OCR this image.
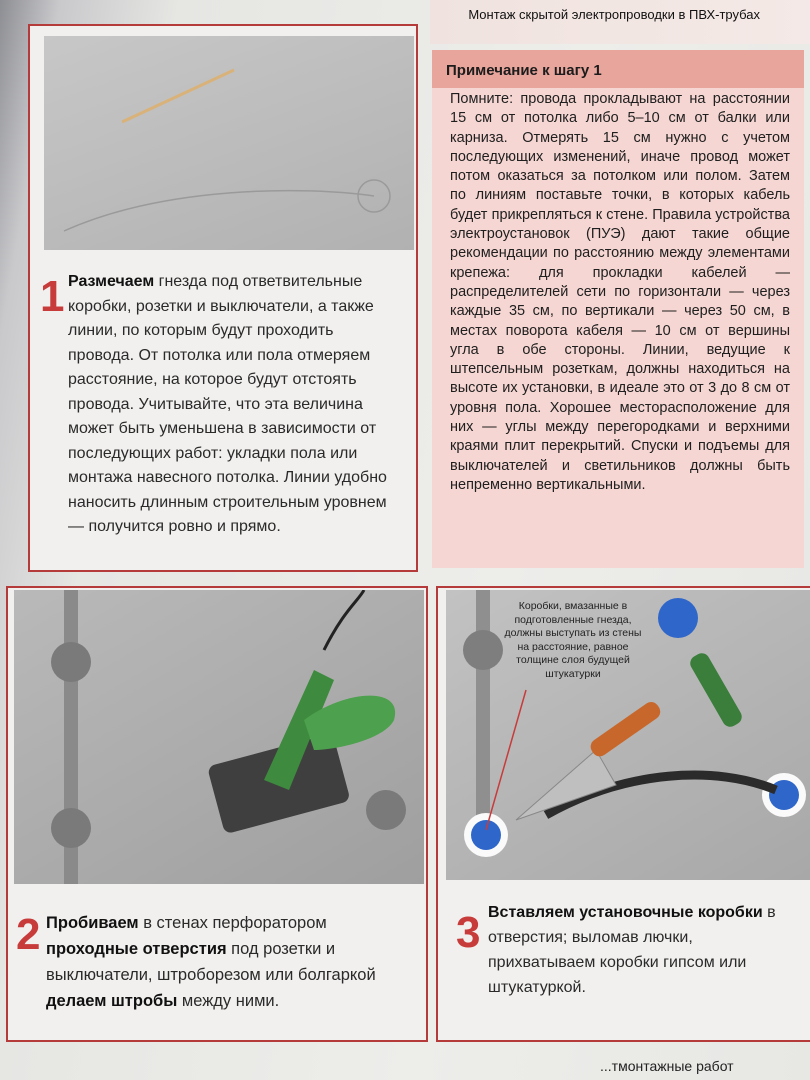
Монтаж скрытой электропроводки в ПВХ-трубах
1 Размечаем гнезда под ответвительные коробки, розетки и выключатели, а также линии, по которым будут проходить провода. От потолка или пола отмеряем расстояние, на которое будут отстоять провода. Учитывайте, что эта величина может быть уменьшена в зависимости от последующих работ: укладки пола или монтажа навесного потолка. Линии удобно наносить длинным строительным уровнем — получится ровно и прямо.
Примечание к шагу 1
Помните: провода прокладывают на расстоянии 15 см от потолка либо 5–10 см от балки или карниза. Отмерять 15 см нужно с учетом последующих изменений, иначе провод может потом оказаться за потолком или полом. Затем по линиям поставьте точки, в которых кабель будет прикрепляться к стене. Правила устройства электроустановок (ПУЭ) дают такие общие рекомендации по расстоянию между элементами крепежа: для прокладки кабелей — распределителей сети по горизонтали — через каждые 35 см, по вертикали — через 50 см, в местах поворота кабеля — 10 см от вершины угла в обе стороны. Линии, ведущие к штепсельным розеткам, должны находиться на высоте их установки, в идеале это от 3 до 8 см от уровня пола. Хорошее месторасположение для них — углы между перегородками и верхними краями плит перекрытий. Спуски и подъемы для выключателей и светильников должны быть непременно вертикальными.
2 Пробиваем в стенах перфоратором проходные отверстия под розетки и выключатели, штроборезом или болгаркой делаем штробы между ними.
Коробки, вмазанные в подготовленные гнезда, должны выступать из стены на расстояние, равное толщине слоя будущей штукатурки
3 Вставляем установочные коробки в отверстия; выломав лючки, прихватываем коробки гипсом или штукатуркой.
...тмонтажные работ
